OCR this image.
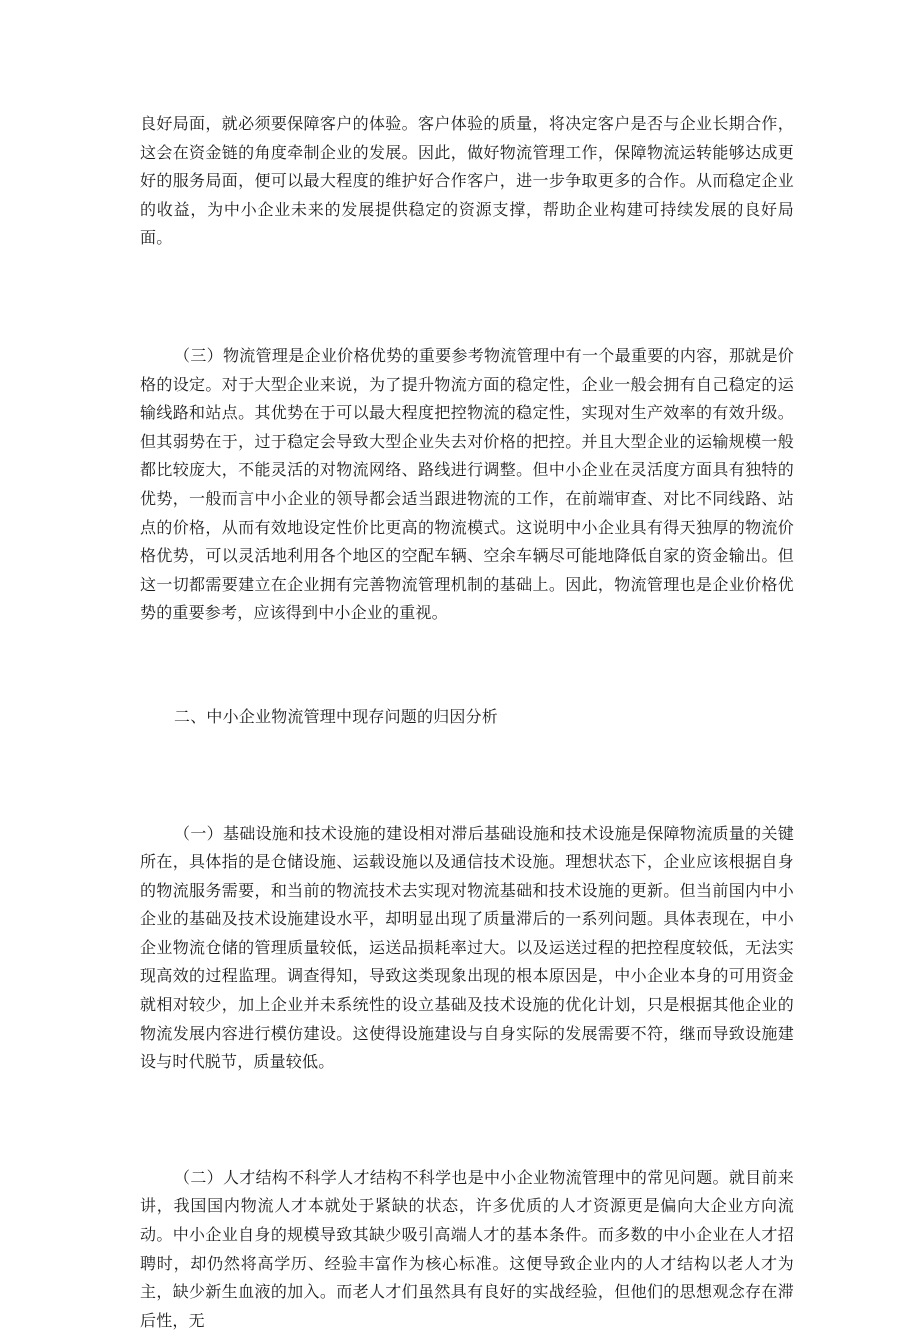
良好局面，就必须要保障客户的体验。客户体验的质量，将决定客户是否与企业长期合作，这会在资金链的角度牵制企业的发展。因此，做好物流管理工作，保障物流运转能够达成更好的服务局面，便可以最大程度的维护好合作客户，进一步争取更多的合作。从而稳定企业的收益，为中小企业未来的发展提供稳定的资源支撑，帮助企业构建可持续发展的良好局面。

（三）物流管理是企业价格优势的重要参考物流管理中有一个最重要的内容，那就是价格的设定。对于大型企业来说，为了提升物流方面的稳定性，企业一般会拥有自己稳定的运输线路和站点。其优势在于可以最大程度把控物流的稳定性，实现对生产效率的有效升级。但其弱势在于，过于稳定会导致大型企业失去对价格的把控。并且大型企业的运输规模一般都比较庞大，不能灵活的对物流网络、路线进行调整。但中小企业在灵活度方面具有独特的优势，一般而言中小企业的领导都会适当跟进物流的工作，在前端审查、对比不同线路、站点的价格，从而有效地设定性价比更高的物流模式。这说明中小企业具有得天独厚的物流价格优势，可以灵活地利用各个地区的空配车辆、空余车辆尽可能地降低自家的资金输出。但这一切都需要建立在企业拥有完善物流管理机制的基础上。因此，物流管理也是企业价格优势的重要参考，应该得到中小企业的重视。

二、中小企业物流管理中现存问题的归因分析

（一）基础设施和技术设施的建设相对滞后基础设施和技术设施是保障物流质量的关键所在，具体指的是仓储设施、运载设施以及通信技术设施。理想状态下，企业应该根据自身的物流服务需要，和当前的物流技术去实现对物流基础和技术设施的更新。但当前国内中小企业的基础及技术设施建设水平，却明显出现了质量滞后的一系列问题。具体表现在，中小企业物流仓储的管理质量较低，运送品损耗率过大。以及运送过程的把控程度较低，无法实现高效的过程监理。调查得知，导致这类现象出现的根本原因是，中小企业本身的可用资金就相对较少，加上企业并未系统性的设立基础及技术设施的优化计划，只是根据其他企业的物流发展内容进行模仿建设。这使得设施建设与自身实际的发展需要不符，继而导致设施建设与时代脱节，质量较低。

（二）人才结构不科学人才结构不科学也是中小企业物流管理中的常见问题。就目前来讲，我国国内物流人才本就处于紧缺的状态，许多优质的人才资源更是偏向大企业方向流动。中小企业自身的规模导致其缺少吸引高端人才的基本条件。而多数的中小企业在人才招聘时，却仍然将高学历、经验丰富作为核心标准。这便导致企业内的人才结构以老人才为主，缺少新生血液的加入。而老人才们虽然具有良好的实战经验，但他们的思想观念存在滞后性，无
